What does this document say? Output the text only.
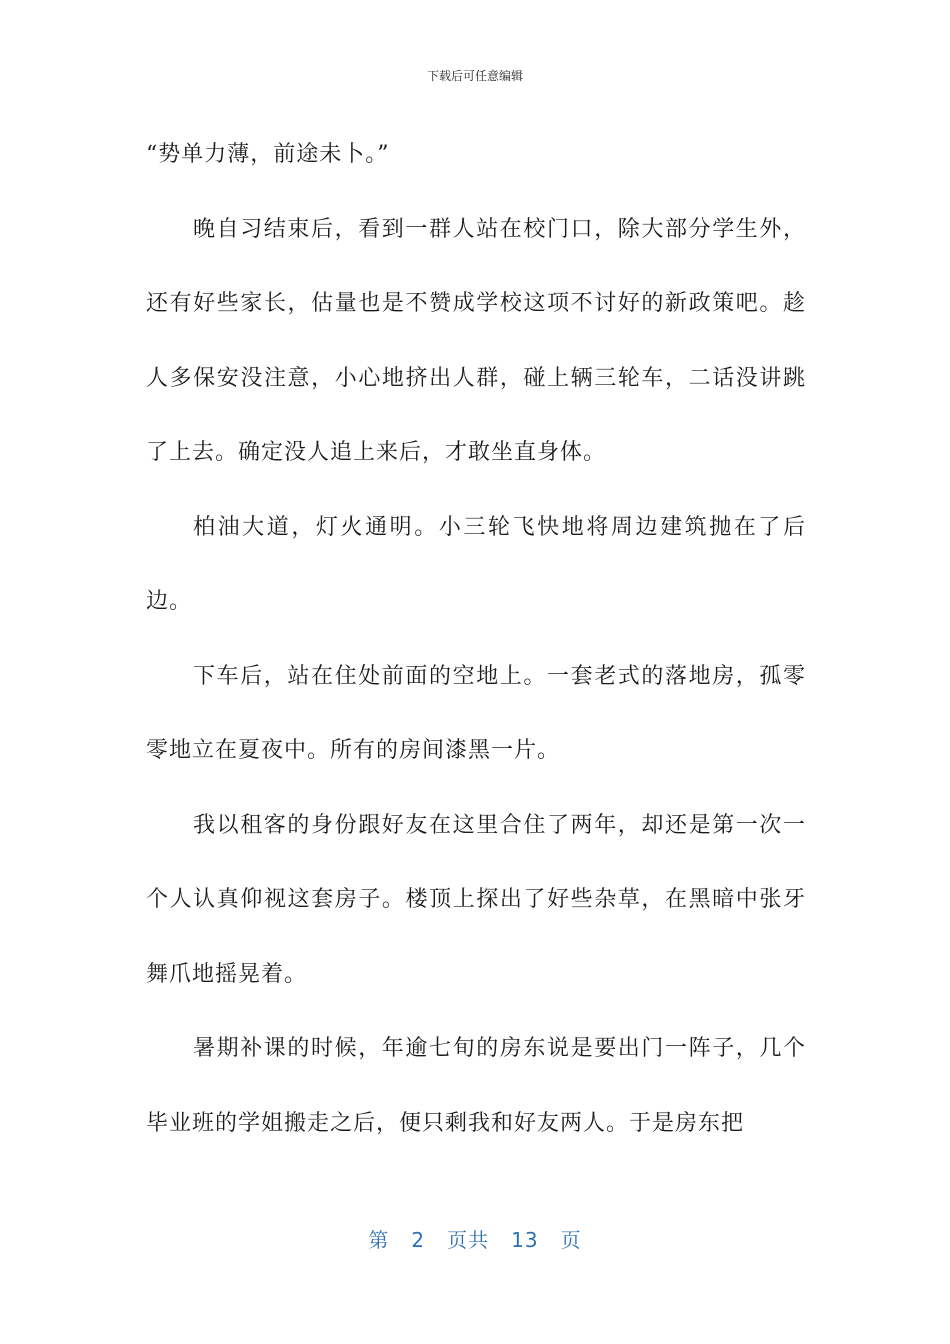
下载后可任意编辑

“势单力薄，前途未卜。”

晚自习结束后，看到一群人站在校门口，除大部分学生外，还有好些家长，估量也是不赞成学校这项不讨好的新政策吧。趁人多保安没注意，小心地挤出人群，碰上辆三轮车，二话没讲跳了上去。确定没人追上来后，才敢坐直身体。

柏油大道，灯火通明。小三轮飞快地将周边建筑抛在了后边。

下车后，站在住处前面的空地上。一套老式的落地房，孤零零地立在夏夜中。所有的房间漆黑一片。

我以租客的身份跟好友在这里合住了两年，却还是第一次一个人认真仰视这套房子。楼顶上探出了好些杂草，在黑暗中张牙舞爪地摇晃着。

暑期补课的时候，年逾七旬的房东说是要出门一阵子，几个毕业班的学姐搬走之后，便只剩我和好友两人。于是房东把

第 2 页共 13 页
